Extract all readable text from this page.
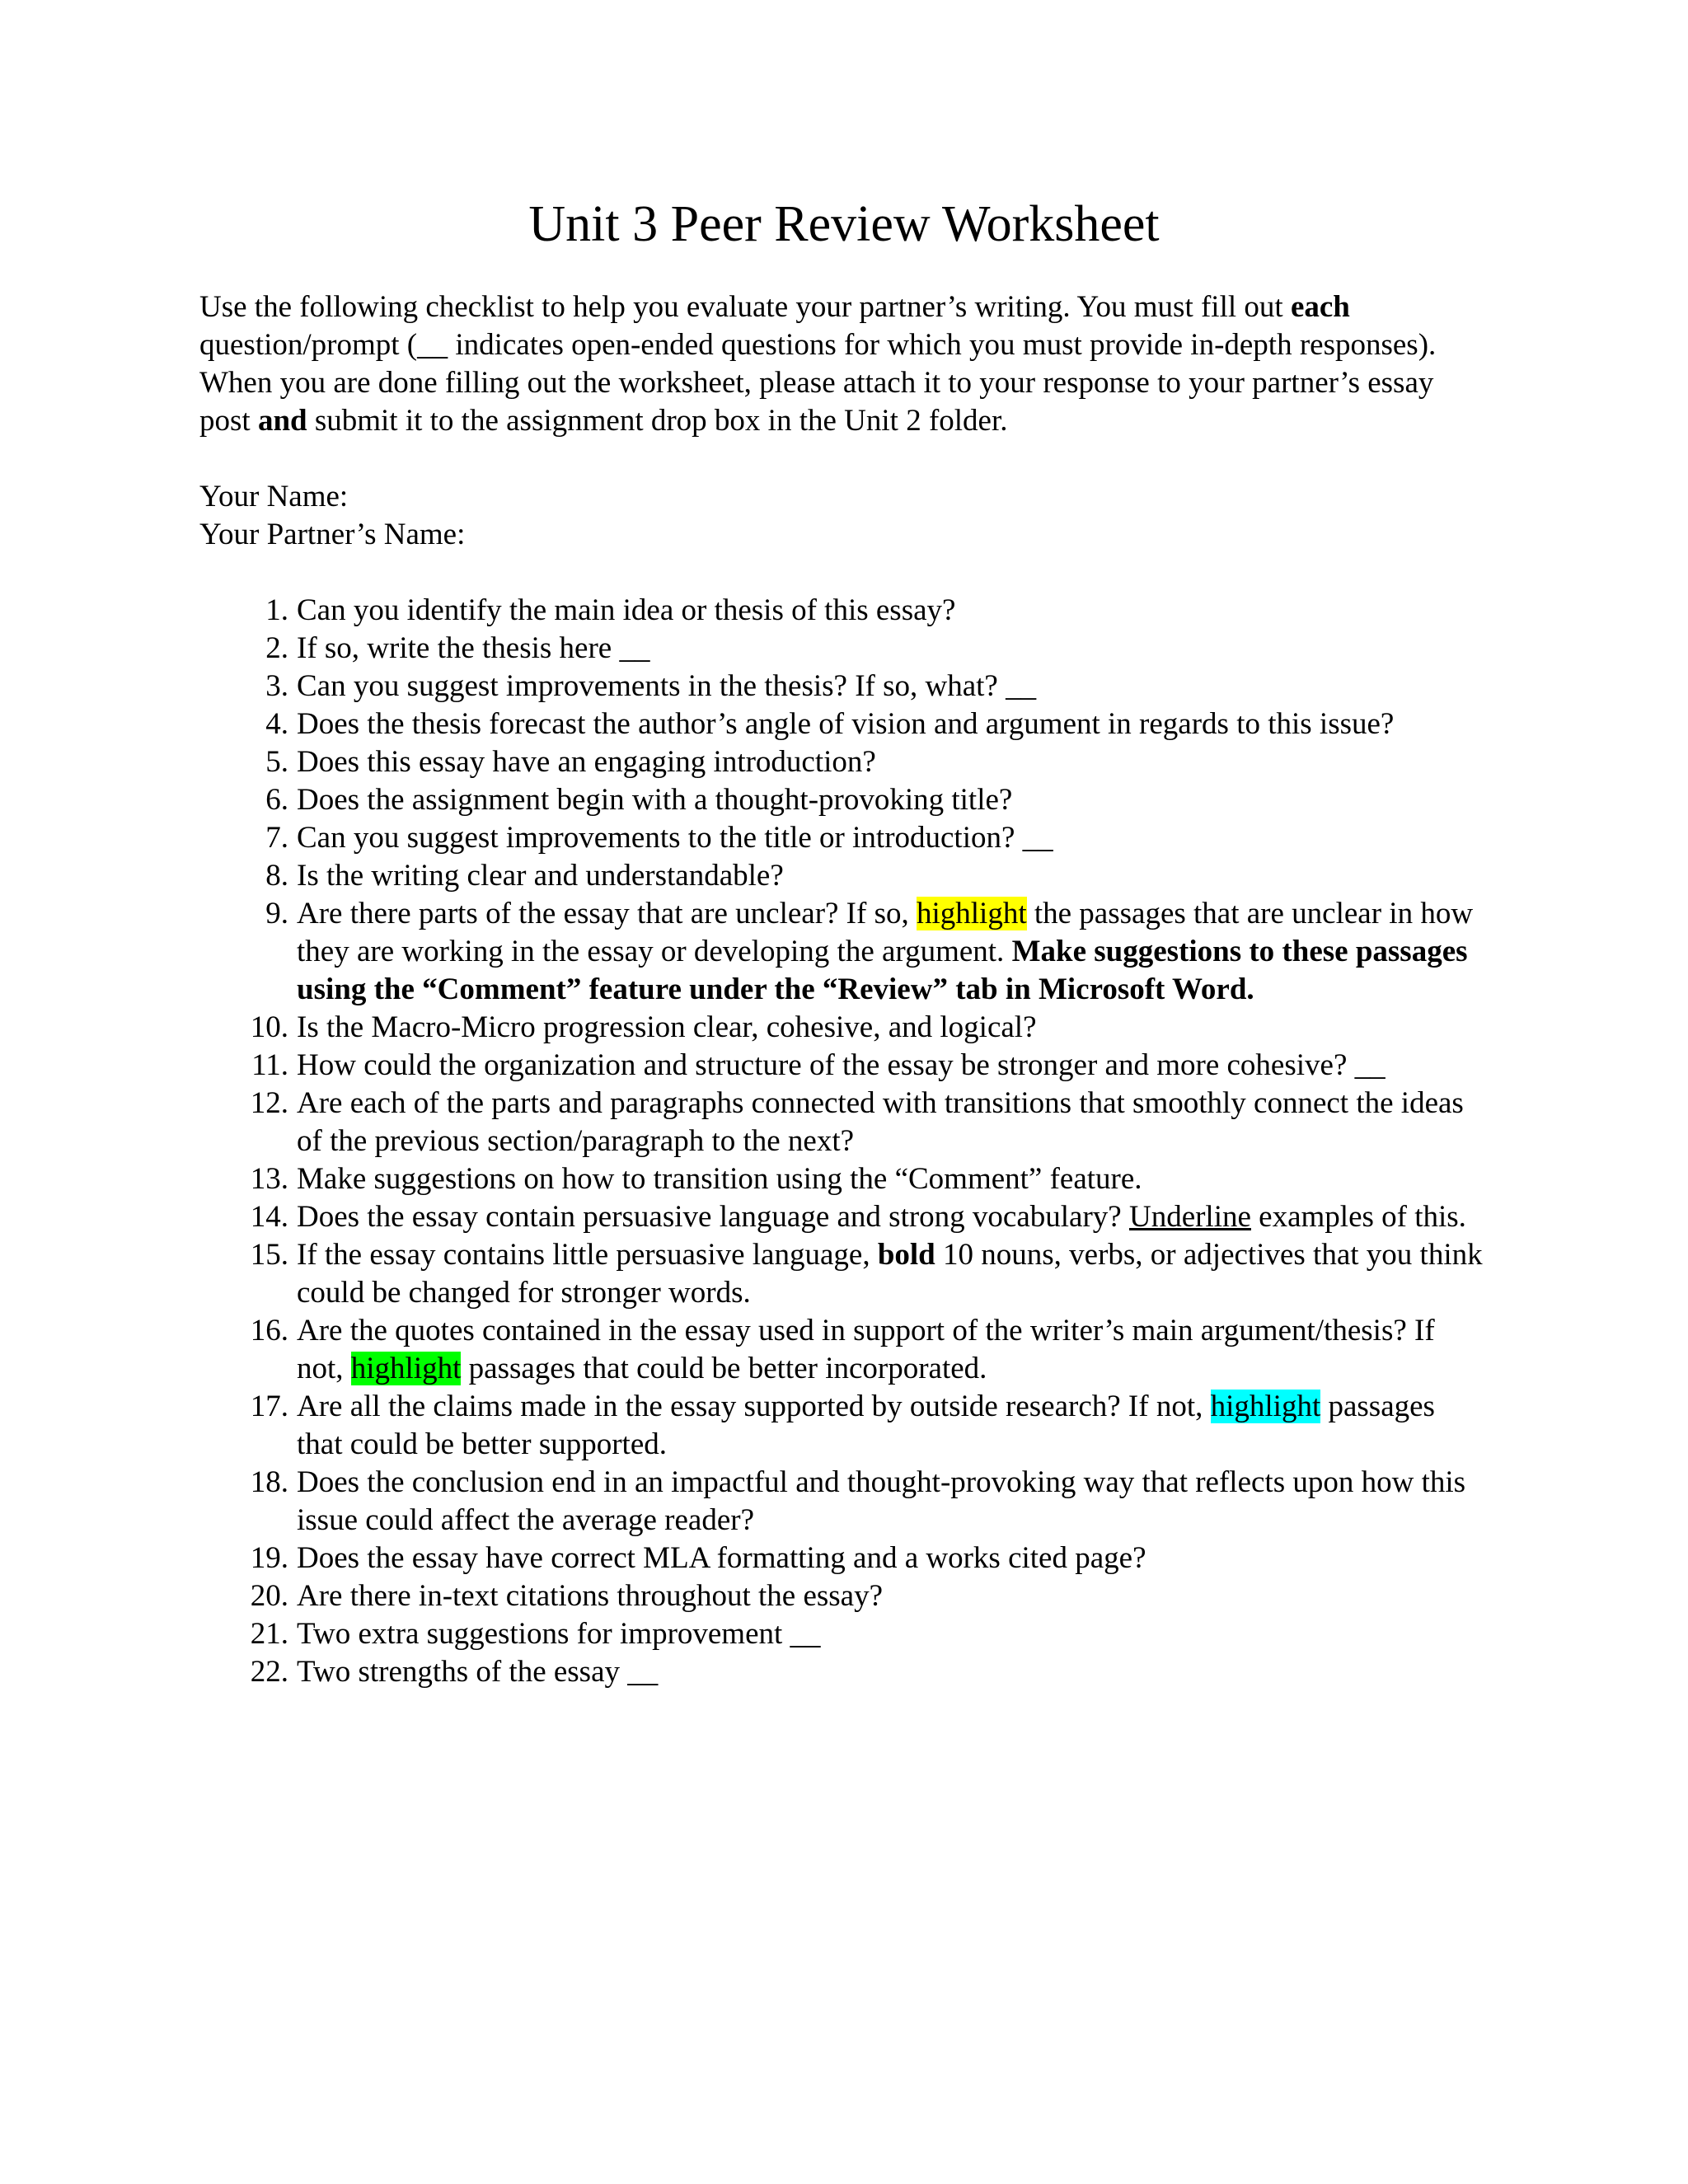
Unit 3 Peer Review Worksheet

Use the following checklist to help you evaluate your partner’s writing. You must fill out each question/prompt (__ indicates open-ended questions for which you must provide in-depth responses). When you are done filling out the worksheet, please attach it to your response to your partner’s essay post and submit it to the assignment drop box in the Unit 2 folder.

Your Name:
Your Partner’s Name:
1. Can you identify the main idea or thesis of this essay?
2. If so, write the thesis here __
3. Can you suggest improvements in the thesis? If so, what? __
4. Does the thesis forecast the author’s angle of vision and argument in regards to this issue?
5. Does this essay have an engaging introduction?
6. Does the assignment begin with a thought-provoking title?
7. Can you suggest improvements to the title or introduction? __
8. Is the writing clear and understandable?
9. Are there parts of the essay that are unclear? If so, highlight the passages that are unclear in how they are working in the essay or developing the argument. Make suggestions to these passages using the “Comment” feature under the “Review” tab in Microsoft Word.
10. Is the Macro-Micro progression clear, cohesive, and logical?
11. How could the organization and structure of the essay be stronger and more cohesive? __
12. Are each of the parts and paragraphs connected with transitions that smoothly connect the ideas of the previous section/paragraph to the next?
13. Make suggestions on how to transition using the “Comment” feature.
14. Does the essay contain persuasive language and strong vocabulary? Underline examples of this.
15. If the essay contains little persuasive language, bold 10 nouns, verbs, or adjectives that you think could be changed for stronger words.
16. Are the quotes contained in the essay used in support of the writer’s main argument/thesis? If not, highlight passages that could be better incorporated.
17. Are all the claims made in the essay supported by outside research? If not, highlight passages that could be better supported.
18. Does the conclusion end in an impactful and thought-provoking way that reflects upon how this issue could affect the average reader?
19. Does the essay have correct MLA formatting and a works cited page?
20. Are there in-text citations throughout the essay?
21. Two extra suggestions for improvement __
22. Two strengths of the essay __
